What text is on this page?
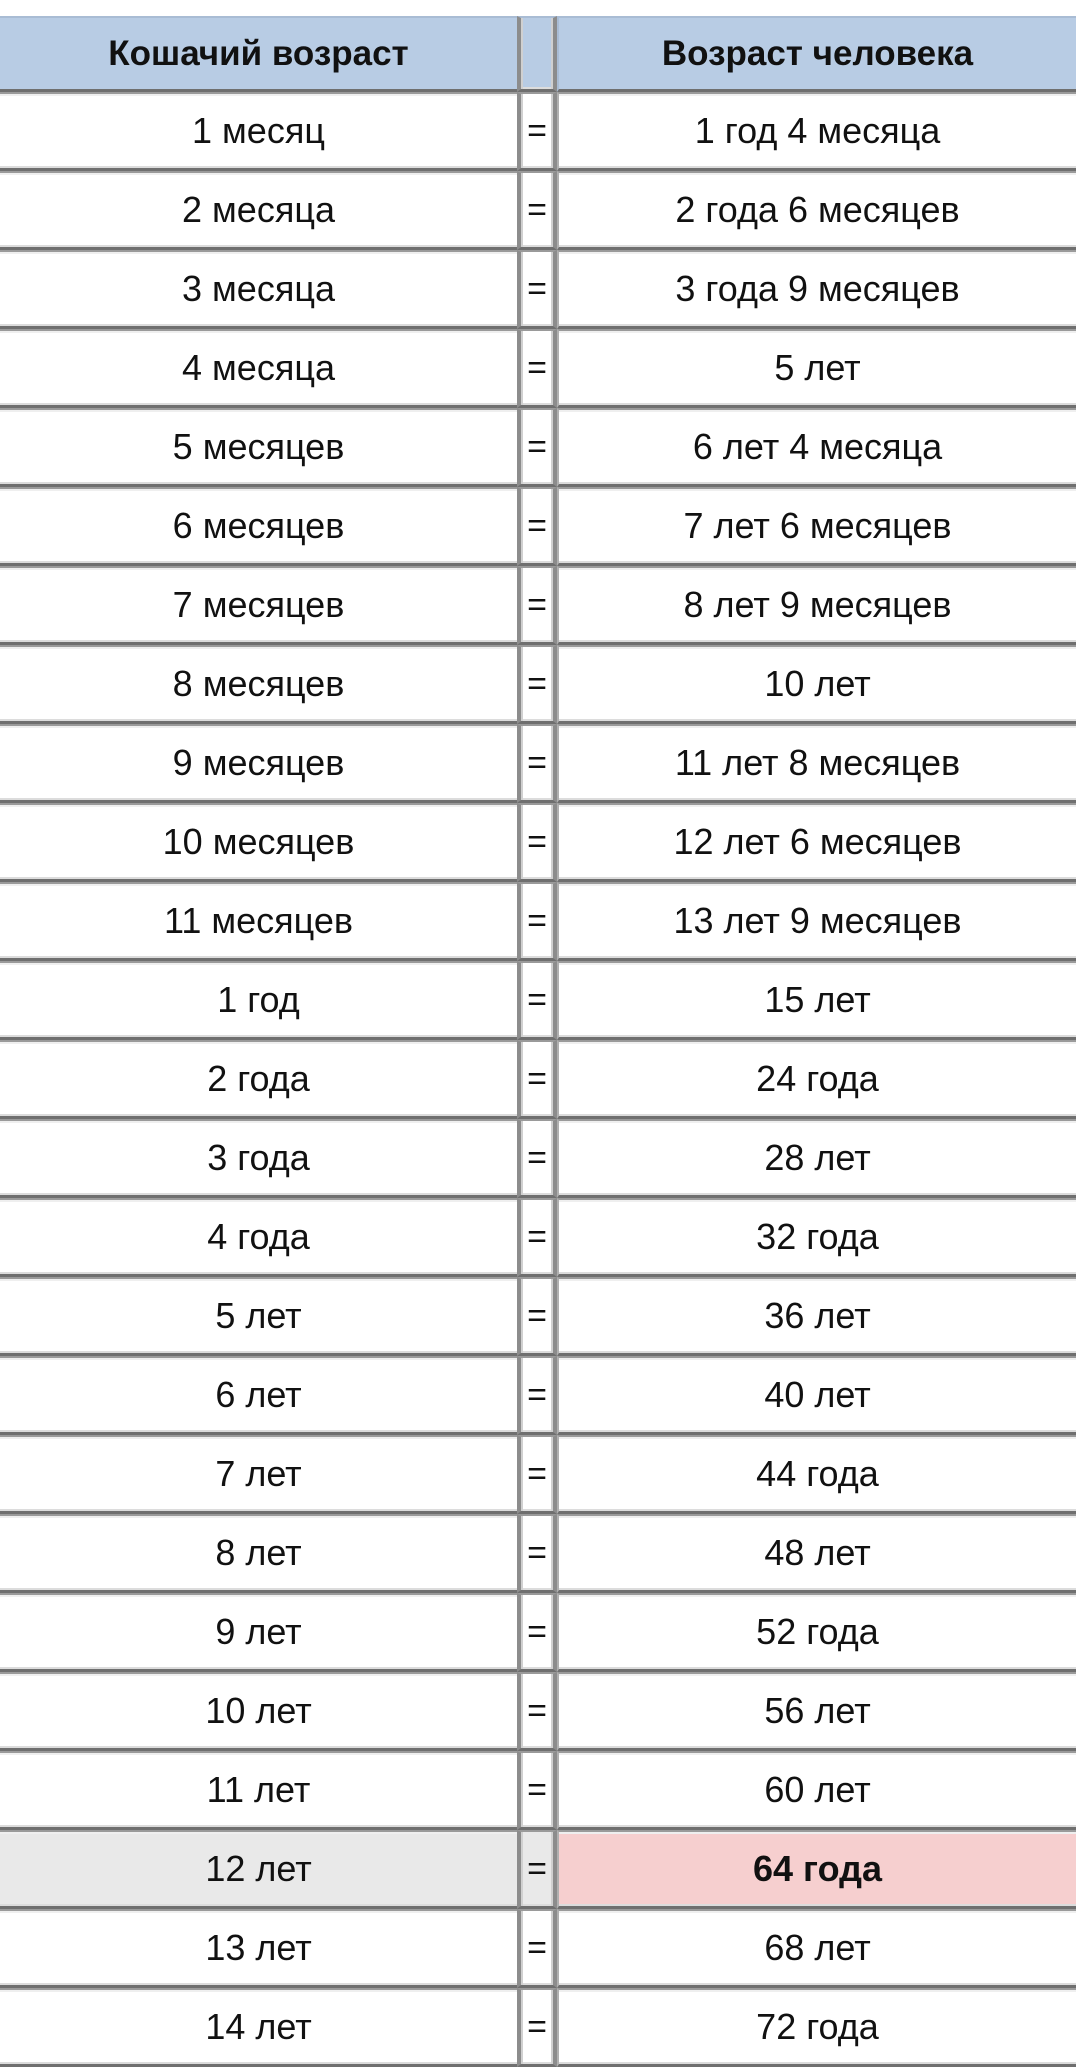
Кошачий возраст		Возраст человека
1 месяц	=	1 год 4 месяца
2 месяца	=	2 года 6 месяцев
3 месяца	=	3 года 9 месяцев
4 месяца	=	5 лет
5 месяцев	=	6 лет 4 месяца
6 месяцев	=	7 лет 6 месяцев
7 месяцев	=	8 лет 9 месяцев
8 месяцев	=	10 лет
9 месяцев	=	11 лет 8 месяцев
10 месяцев	=	12 лет 6 месяцев
11 месяцев	=	13 лет 9 месяцев
1 год	=	15 лет
2 года	=	24 года
3 года	=	28 лет
4 года	=	32 года
5 лет	=	36 лет
6 лет	=	40 лет
7 лет	=	44 года
8 лет	=	48 лет
9 лет	=	52 года
10 лет	=	56 лет
11 лет	=	60 лет
12 лет	=	64 года
13 лет	=	68 лет
14 лет	=	72 года
